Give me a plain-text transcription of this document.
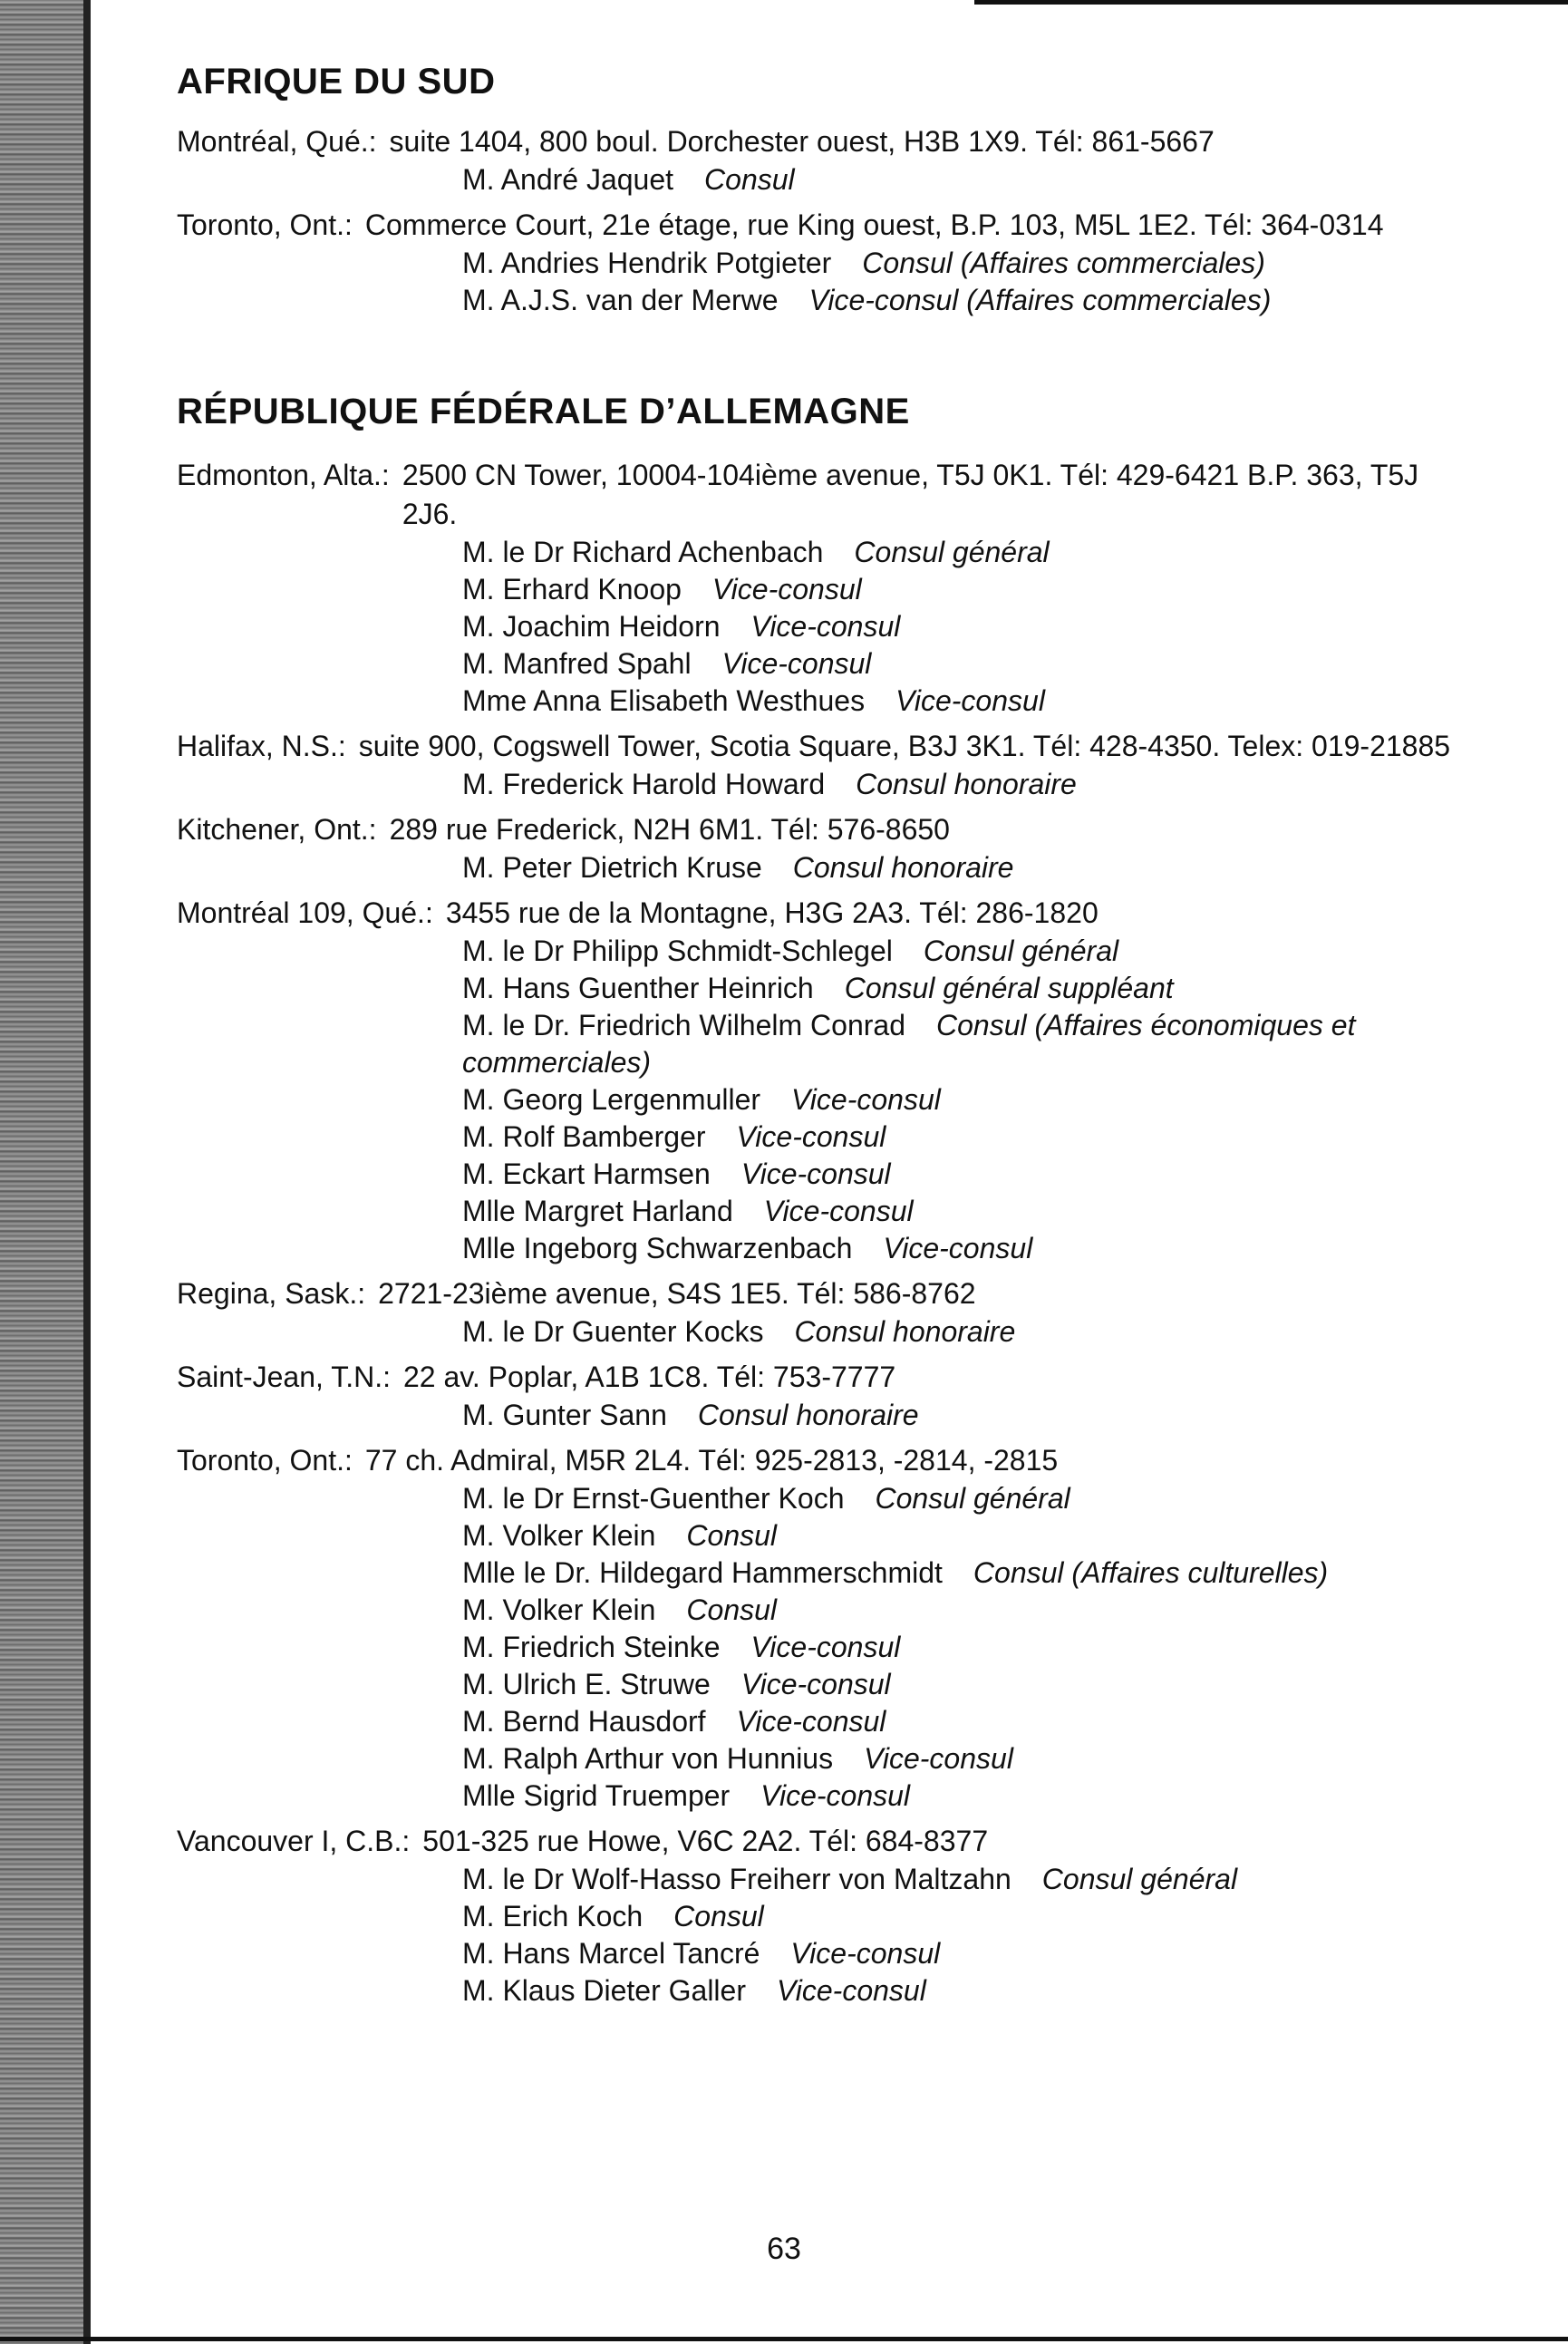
AFRIQUE DU SUD
Montréal, Qué.: suite 1404, 800 boul. Dorchester ouest, H3B 1X9. Tél: 861-5667
M. André Jaquet Consul
Toronto, Ont.: Commerce Court, 21e étage, rue King ouest, B.P. 103, M5L 1E2. Tél: 364-0314
M. Andries Hendrik Potgieter Consul (Affaires commerciales)
M. A.J.S. van der Merwe Vice-consul (Affaires commerciales)
RÉPUBLIQUE FÉDÉRALE D’ALLEMAGNE
Edmonton, Alta.: 2500 CN Tower, 10004-104ième avenue, T5J 0K1. Tél: 429-6421 B.P. 363, T5J 2J6.
M. le Dr Richard Achenbach Consul général
M. Erhard Knoop Vice-consul
M. Joachim Heidorn Vice-consul
M. Manfred Spahl Vice-consul
Mme Anna Elisabeth Westhues Vice-consul
Halifax, N.S.: suite 900, Cogswell Tower, Scotia Square, B3J 3K1. Tél: 428-4350. Telex: 019-21885
M. Frederick Harold Howard Consul honoraire
Kitchener, Ont.: 289 rue Frederick, N2H 6M1. Tél: 576-8650
M. Peter Dietrich Kruse Consul honoraire
Montréal 109, Qué.: 3455 rue de la Montagne, H3G 2A3. Tél: 286-1820
M. le Dr Philipp Schmidt-Schlegel Consul général
M. Hans Guenther Heinrich Consul général suppléant
M. le Dr. Friedrich Wilhelm Conrad Consul (Affaires économiques et commerciales)
M. Georg Lergenmuller Vice-consul
M. Rolf Bamberger Vice-consul
M. Eckart Harmsen Vice-consul
Mlle Margret Harland Vice-consul
Mlle Ingeborg Schwarzenbach Vice-consul
Regina, Sask.: 2721-23ième avenue, S4S 1E5. Tél: 586-8762
M. le Dr Guenter Kocks Consul honoraire
Saint-Jean, T.N.: 22 av. Poplar, A1B 1C8. Tél: 753-7777
M. Gunter Sann Consul honoraire
Toronto, Ont.: 77 ch. Admiral, M5R 2L4. Tél: 925-2813, -2814, -2815
M. le Dr Ernst-Guenther Koch Consul général
M. Volker Klein Consul
Mlle le Dr. Hildegard Hammerschmidt Consul (Affaires culturelles)
M. Volker Klein Consul
M. Friedrich Steinke Vice-consul
M. Ulrich E. Struwe Vice-consul
M. Bernd Hausdorf Vice-consul
M. Ralph Arthur von Hunnius Vice-consul
Mlle Sigrid Truemper Vice-consul
Vancouver I, C.B.: 501-325 rue Howe, V6C 2A2. Tél: 684-8377
M. le Dr Wolf-Hasso Freiherr von Maltzahn Consul général
M. Erich Koch Consul
M. Hans Marcel Tancré Vice-consul
M. Klaus Dieter Galler Vice-consul
63
